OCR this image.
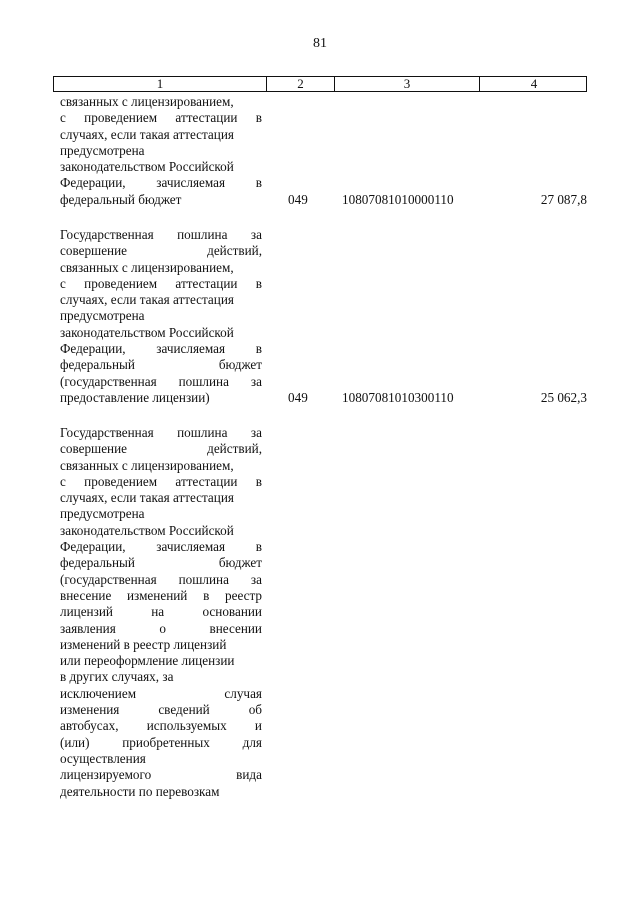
81
1	2	3	4
связанных с лицензированием,
с проведением аттестации в
случаях, если такая аттестация
предусмотрена
законодательством Российской
Федерации, зачисляемая в
федеральный бюджет	049	10807081010000110	27 087,8
Государственная пошлина за
совершение действий,
связанных с лицензированием,
с проведением аттестации в
случаях, если такая аттестация
предусмотрена
законодательством Российской
Федерации, зачисляемая в
федеральный бюджет
(государственная пошлина за
предоставление лицензии)	049	10807081010300110	25 062,3
Государственная пошлина за
совершение действий,
связанных с лицензированием,
с проведением аттестации в
случаях, если такая аттестация
предусмотрена
законодательством Российской
Федерации, зачисляемая в
федеральный бюджет
(государственная пошлина за
внесение изменений в реестр
лицензий на основании
заявления о внесении
изменений в реестр лицензий
или переоформление лицензии
в других случаях, за
исключением случая
изменения сведений об
автобусах, используемых и
(или) приобретенных для
осуществления
лицензируемого вида
деятельности по перевозкам
